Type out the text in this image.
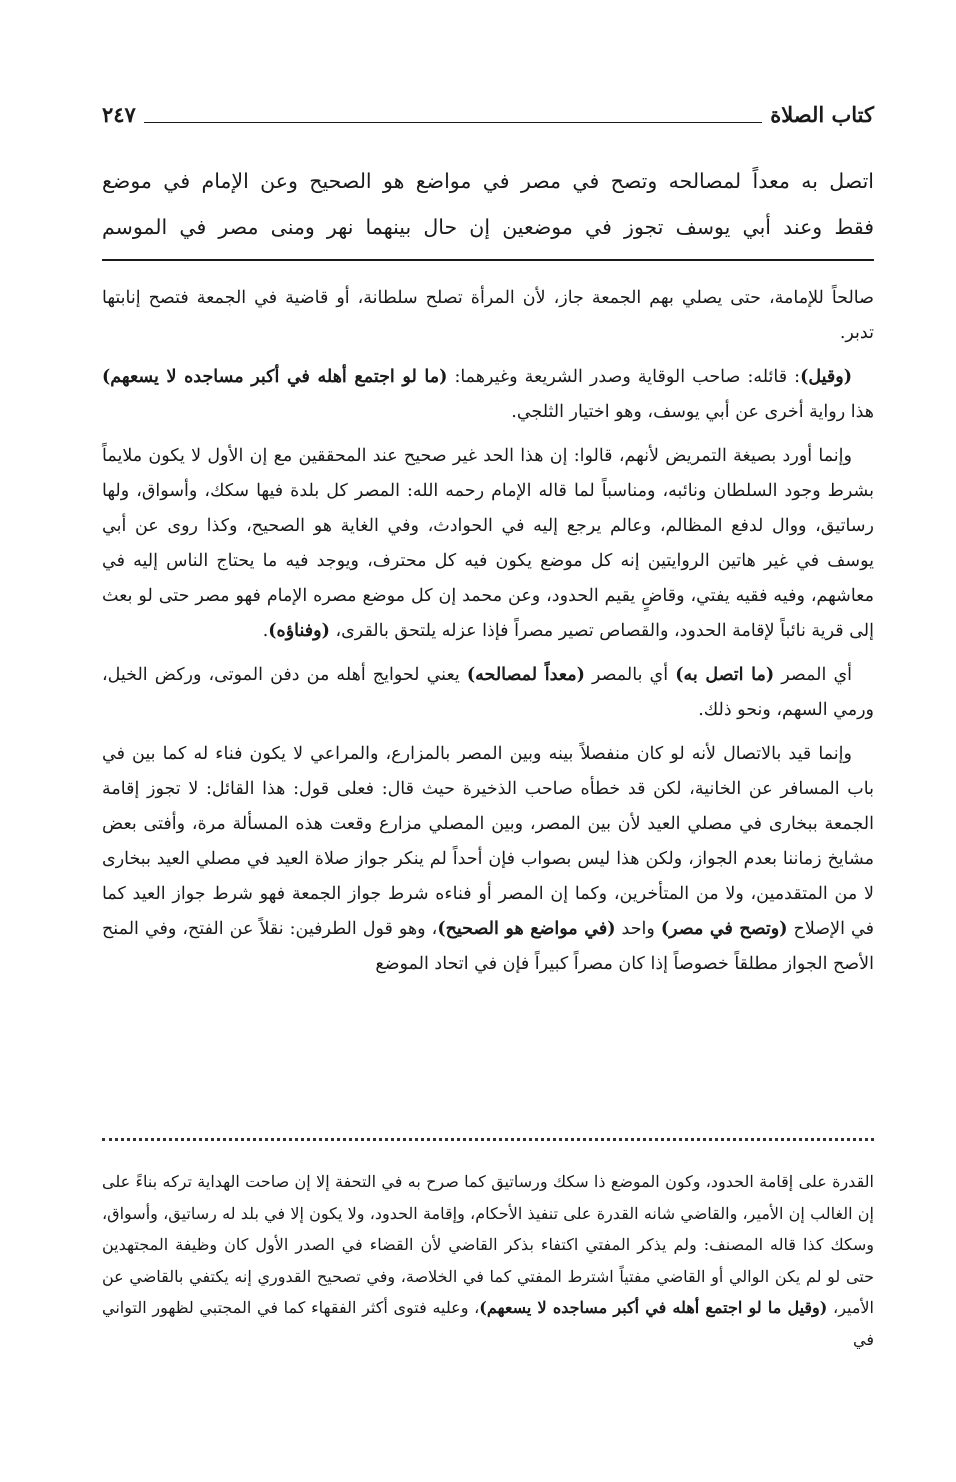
كتاب الصلاة
٢٤٧

اتصل به معداً لمصالحه وتصح في مصر في مواضع هو الصحيح وعن الإمام في موضع

فقط وعند أبي يوسف تجوز في موضعين إن حال بينهما نهر ومنى مصر في الموسم

صالحاً للإمامة، حتى يصلي بهم الجمعة جاز، لأن المرأة تصلح سلطانة، أو قاضية في الجمعة فتصح إنابتها تدبر.

(وقيل): قائله: صاحب الوقاية وصدر الشريعة وغيرهما: (ما لو اجتمع أهله في أكبر مساجده لا يسعهم) هذا رواية أخرى عن أبي يوسف، وهو اختيار الثلجي.

وإنما أورد بصيغة التمريض لأنهم، قالوا: إن هذا الحد غير صحيح عند المحققين مع إن الأول لا يكون ملايماً بشرط وجود السلطان ونائبه، ومناسباً لما قاله الإمام رحمه الله: المصر كل بلدة فيها سكك، وأسواق، ولها رساتيق، ووال لدفع المظالم، وعالم يرجع إليه في الحوادث، وفي الغاية هو الصحيح، وكذا روى عن أبي يوسف في غير هاتين الروايتين إنه كل موضع يكون فيه كل محترف، ويوجد فيه ما يحتاج الناس إليه في معاشهم، وفيه فقيه يفتي، وقاضٍ يقيم الحدود، وعن محمد إن كل موضع مصره الإمام فهو مصر حتى لو بعث إلى قرية نائباً لإقامة الحدود، والقصاص تصير مصراً فإذا عزله يلتحق بالقرى، (وفناؤه).

أي المصر (ما اتصل به) أي بالمصر (معداً لمصالحه) يعني لحوايج أهله من دفن الموتى، وركض الخيل، ورمي السهم، ونحو ذلك.

وإنما قيد بالاتصال لأنه لو كان منفصلاً بينه وبين المصر بالمزارع، والمراعي لا يكون فناء له كما بين في باب المسافر عن الخانية، لكن قد خطأه صاحب الذخيرة حيث قال: فعلى قول: هذا القائل: لا تجوز إقامة الجمعة ببخارى في مصلي العيد لأن بين المصر، وبين المصلي مزارع وقعت هذه المسألة مرة، وأفتى بعض مشايخ زماننا بعدم الجواز، ولكن هذا ليس بصواب فإن أحداً لم ينكر جواز صلاة العيد في مصلي العيد ببخارى لا من المتقدمين، ولا من المتأخرين، وكما إن المصر أو فناءه شرط جواز الجمعة فهو شرط جواز العيد كما في الإصلاح (وتصح في مصر) واحد (في مواضع هو الصحيح)، وهو قول الطرفين: نقلاً عن الفتح، وفي المنح الأصح الجواز مطلقاً خصوصاً إذا كان مصراً كبيراً فإن في اتحاد الموضع

القدرة على إقامة الحدود، وكون الموضع ذا سكك ورساتيق كما صرح به في التحفة إلا إن صاحت الهداية تركه بناءً على إن الغالب إن الأمير، والقاضي شانه القدرة على تنفيذ الأحكام، وإقامة الحدود، ولا يكون إلا في بلد له رساتيق، وأسواق، وسكك كذا قاله المصنف: ولم يذكر المفتي اكتفاء بذكر القاضي لأن القضاء في الصدر الأول كان وظيفة المجتهدين حتى لو لم يكن الوالي أو القاضي مفتياً اشترط المفتي كما في الخلاصة، وفي تصحيح القدوري إنه يكتفي بالقاضي عن الأمير، (وقيل ما لو اجتمع أهله في أكبر مساجده لا يسعهم)، وعليه فتوى أكثر الفقهاء كما في المجتبي لظهور التواني في
